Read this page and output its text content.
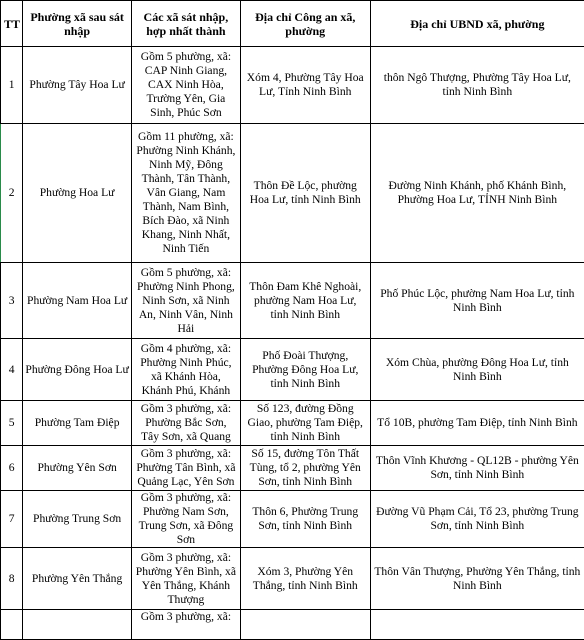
TT	Phường xã sau sát nhập	Các xã sát nhập, hợp nhất thành	Địa chỉ Công an xã, phường	Địa chỉ UBND xã, phường
1	Phường Tây Hoa Lư	Gồm 5 phường, xã: CAP Ninh Giang, CAX Ninh Hòa, Trường Yên, Gia Sinh, Phúc Sơn	Xóm 4, Phường Tây Hoa Lư, Tỉnh Ninh Bình	thôn Ngô Thượng, Phường Tây Hoa Lư, tỉnh Ninh Bình
2	Phường Hoa Lư	Gồm 11 phường, xã: Phường Ninh Khánh, Ninh Mỹ, Đông Thành, Tân Thành, Vân Giang, Nam Thành, Nam Bình, Bích Đào, xã Ninh Khang, Ninh Nhất, Ninh Tiến	Thôn Đề Lộc, phường Hoa Lư, tỉnh Ninh Bình	Đường Ninh Khánh, phố Khánh Bình, Phường Hoa Lư, TỈNH Ninh Bình
3	Phường Nam Hoa Lư	Gồm 5 phường, xã: Phường Ninh Phong, Ninh Sơn, xã Ninh An, Ninh Vân, Ninh Hải	Thôn Đam Khê Nghoài, phường Nam Hoa Lư, tỉnh Ninh Bình	Phố Phúc Lộc, phường Nam Hoa Lư, tỉnh Ninh Bình
4	Phường Đông Hoa Lư	Gồm 4 phường, xã: Phường Ninh Phúc, xã Khánh Hòa, Khánh Phú, Khánh	Phố Đoài Thượng, Phường Đông Hoa Lư, tỉnh Ninh Bình	Xóm Chùa, phường Đông Hoa Lư, tỉnh Ninh Bình
5	Phường Tam Điệp	Gồm 3 phường, xã: Phường Bắc Sơn, Tây Sơn, xã Quang	Số 123, đường Đồng Giao, phường Tam Điệp, tỉnh Ninh Bình	Tổ 10B, phường Tam Điệp, tỉnh Ninh Bình
6	Phường Yên Sơn	Gồm 3 phường, xã: Phường Tân Bình, xã Quảng Lạc, Yên Sơn	Số 15, đường Tôn Thất Tùng, tổ 2, phường Yên Sơn, tỉnh Ninh Bình	Thôn Vĩnh Khương - QL12B - phường Yên Sơn, tỉnh Ninh Bình
7	Phường Trung Sơn	Gồm 3 phường, xã: Phường Nam Sơn, Trung Sơn, xã Đông Sơn	Thôn 6, Phường Trung Sơn, tỉnh Ninh Bình	Đường Vũ Phạm Cải, Tổ 23, phường Trung Sơn, tỉnh Ninh Bình
8	Phường Yên Thắng	Gồm 3 phường, xã: Phường Yên Bình, xã Yên Thắng, Khánh Thượng	Xóm 3, Phường Yên Thắng, tỉnh Ninh Bình	Thôn Vân Thượng, Phường Yên Thắng, tỉnh Ninh Bình
		Gồm 3 phường, xã:		
